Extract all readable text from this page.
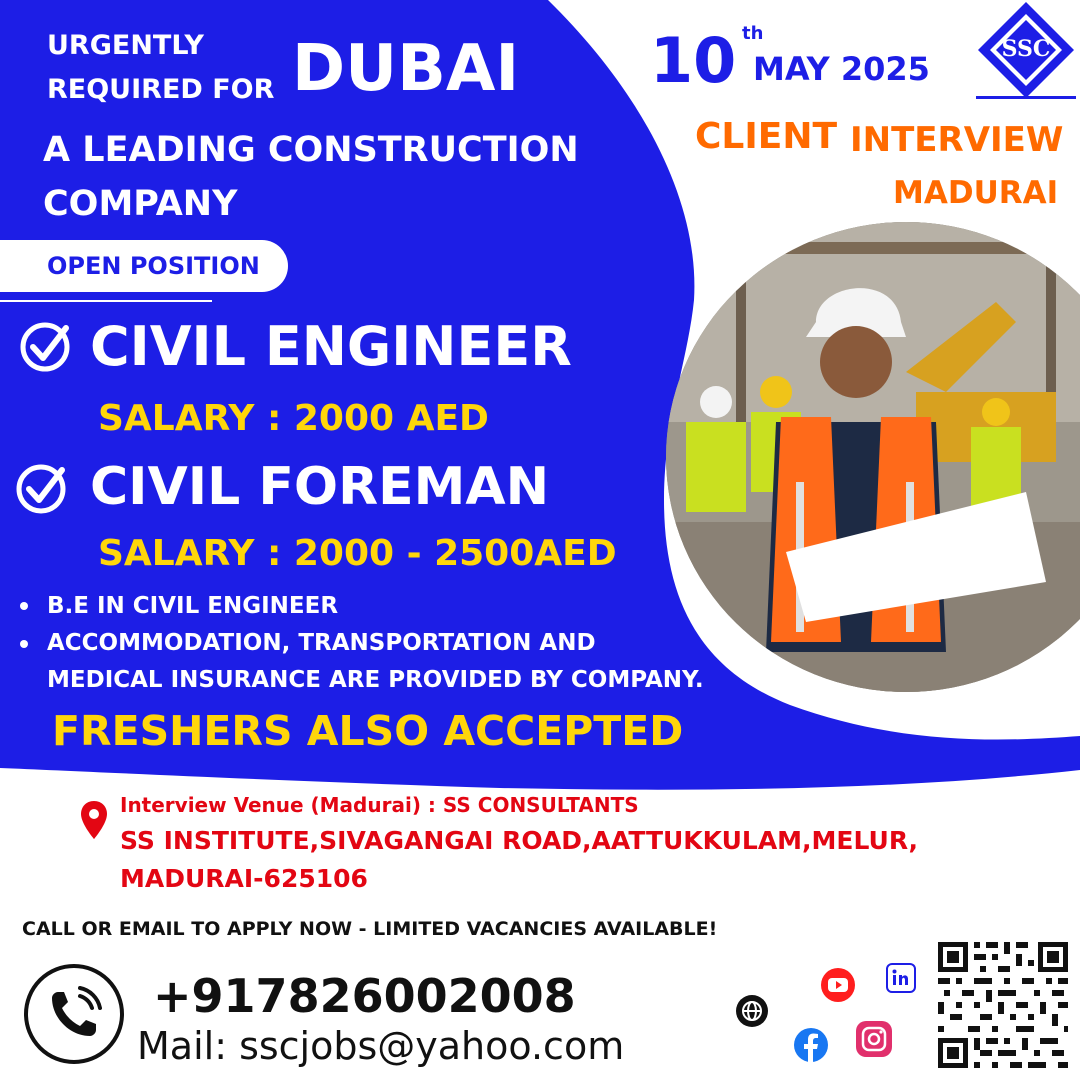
URGENTLY
REQUIRED FOR DUBAI
A LEADING CONSTRUCTION
COMPANY
10 th
MAY 2025
SSC
CLIENT INTERVIEW
MADURAI
OPEN POSITION
CIVIL ENGINEER
SALARY : 2000 AED
CIVIL FOREMAN
SALARY : 2000 - 2500AED
B.E IN CIVIL ENGINEER
ACCOMMODATION, TRANSPORTATION AND
MEDICAL INSURANCE ARE PROVIDED BY COMPANY.
FRESHERS ALSO ACCEPTED
Interview Venue (Madurai) : SS CONSULTANTS
SS INSTITUTE,SIVAGANGAI ROAD,AATTUKKULAM,MELUR,
MADURAI-625106
CALL OR EMAIL TO APPLY NOW - LIMITED VACANCIES AVAILABLE!
+917826002008
Mail: sscjobs@yahoo.com
